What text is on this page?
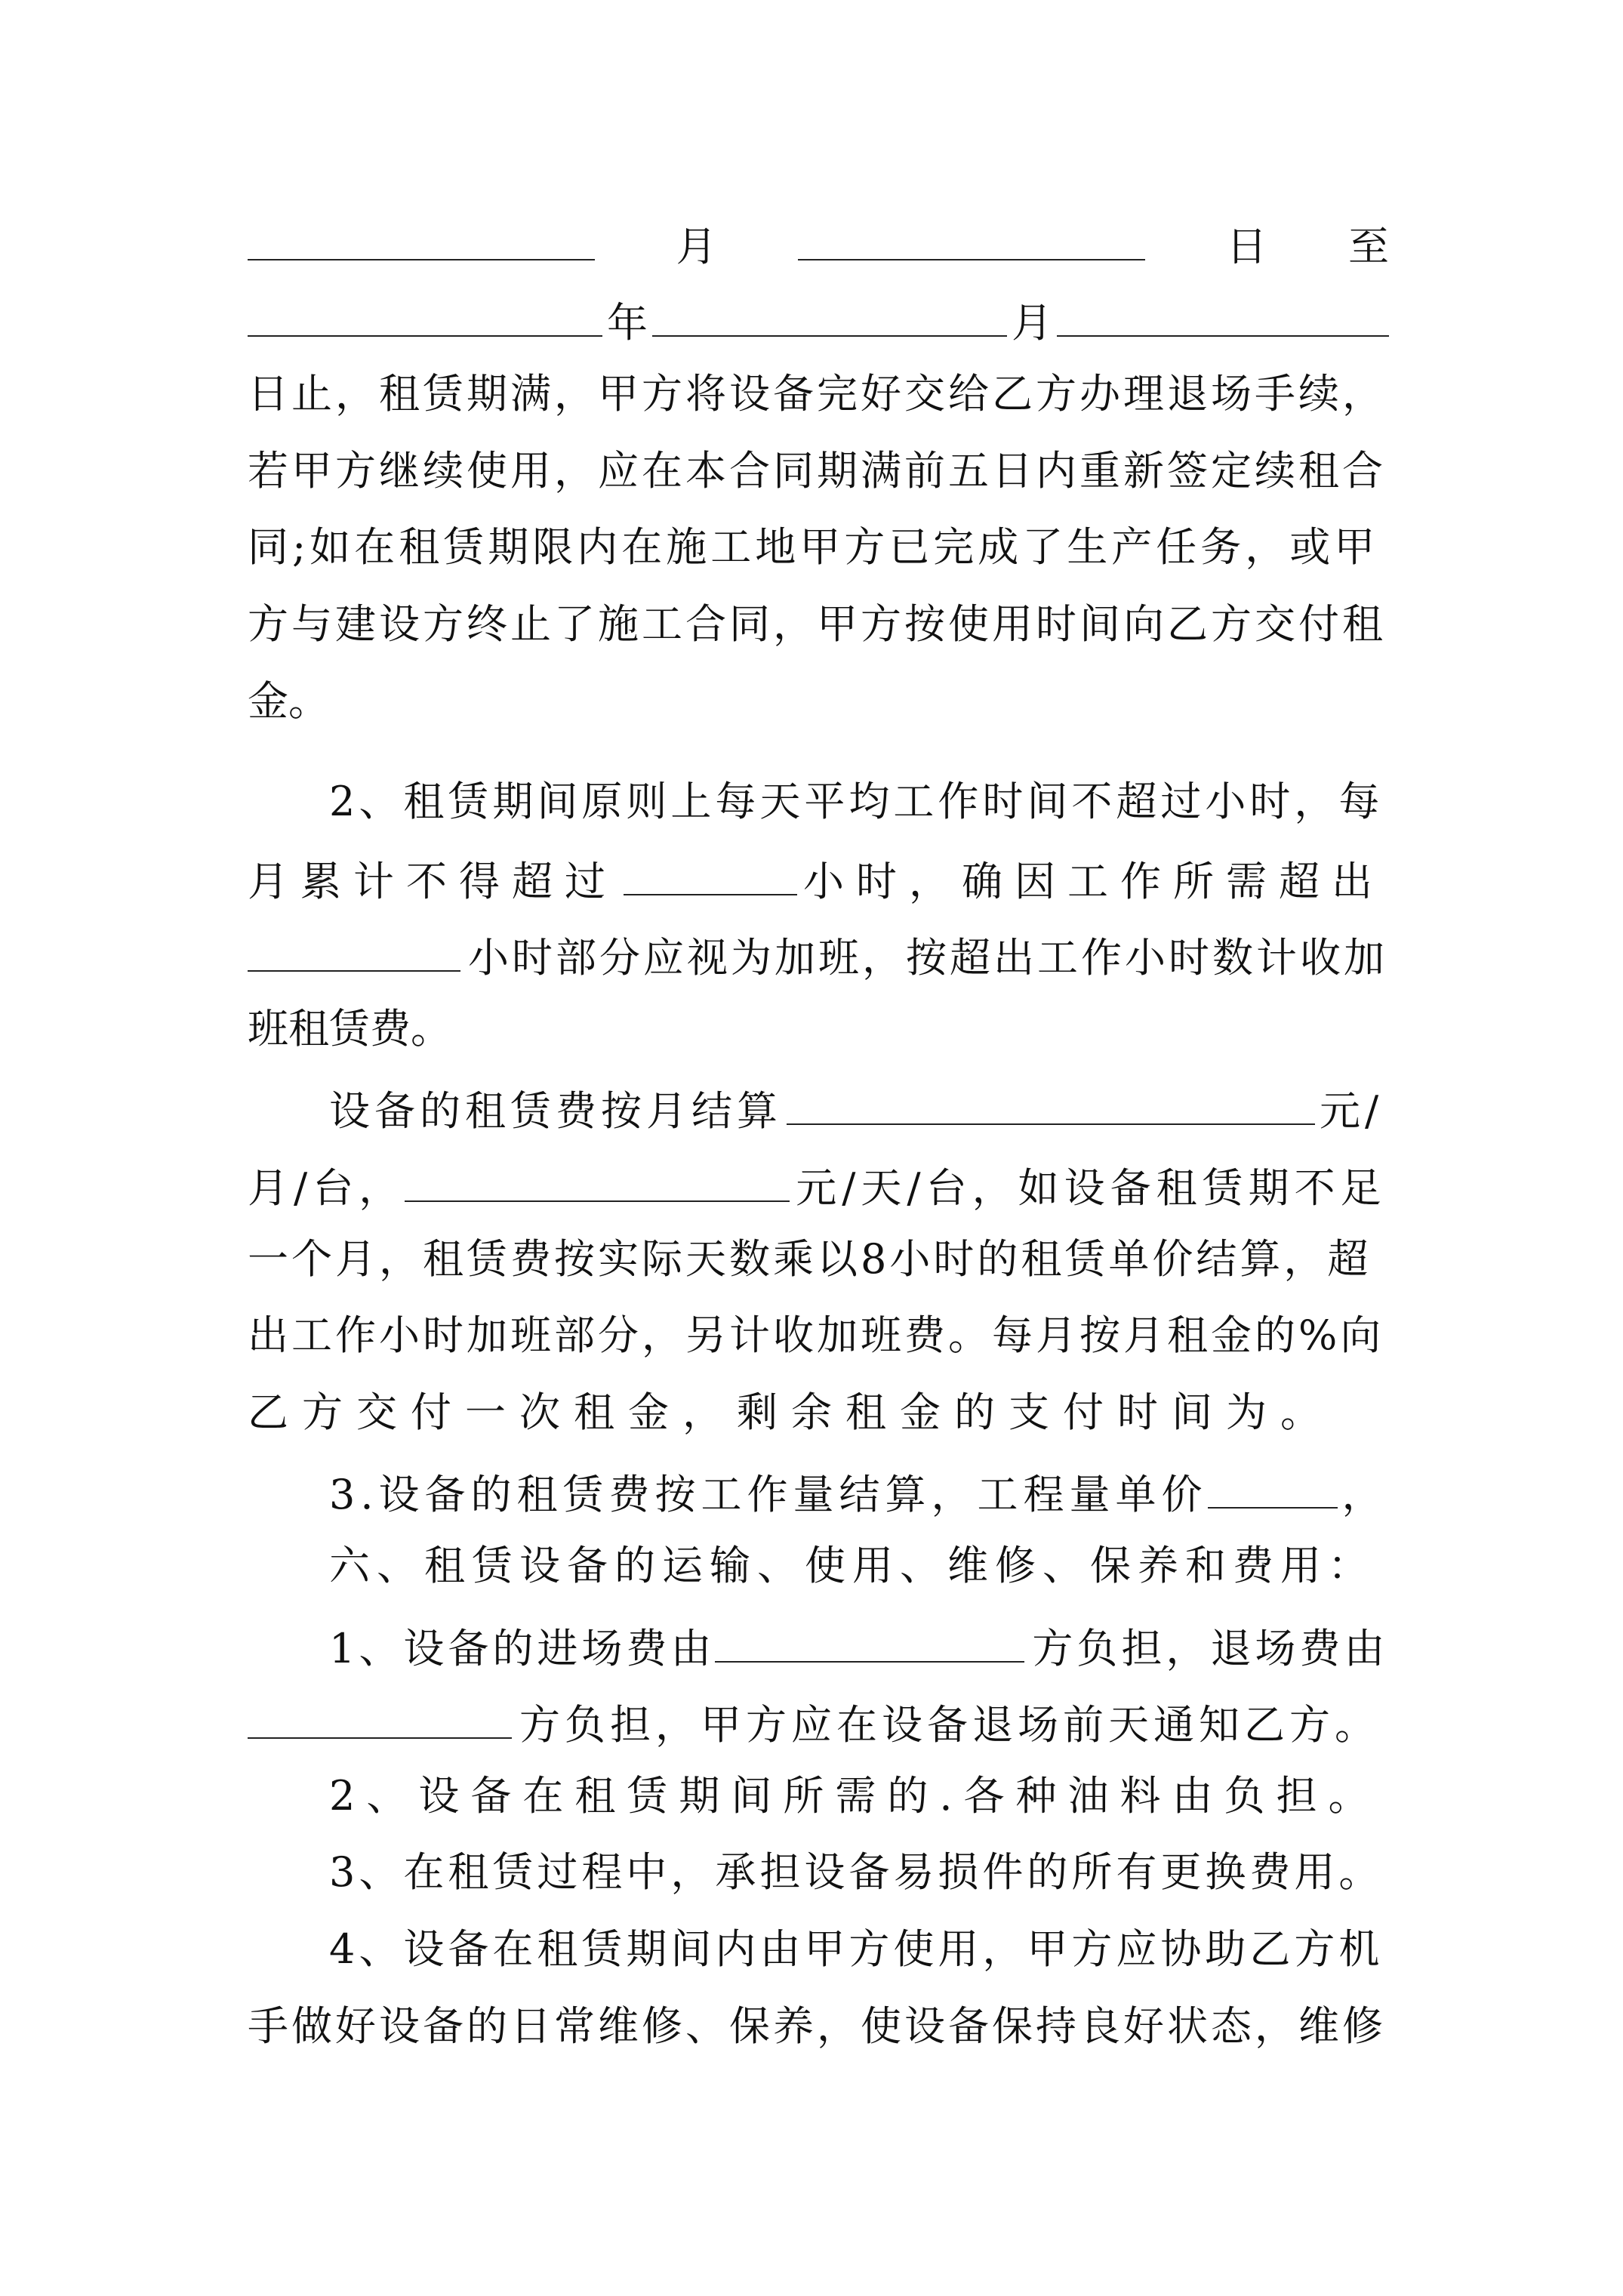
月	日 至
年	月
日止，租赁期满，甲方将设备完好交给乙方办理退场手续，
若甲方继续使用，应在本合同期满前五日内重新签定续租合
同;如在租赁期限内在施工地甲方已完成了生产任务，或甲
方与建设方终止了施工合同，甲方按使用时间向乙方交付租
金。
2、租赁期间原则上每天平均工作时间不超过小时，每
月累计不得超过	小时，确因工作所需超出
小时部分应视为加班，按超出工作小时数计收加
班租赁费。
设备的租赁费按月结算	元/
月/台，	元/天/台，如设备租赁期不足
一个月，租赁费按实际天数乘以8小时的租赁单价结算，超
出工作小时加班部分，另计收加班费。每月按月租金的%向
乙方交付一次租金，剩余租金的支付时间为。
3.设备的租赁费按工作量结算，工程量单价	，
六、租赁设备的运输、使用、维修、保养和费用：
1、设备的进场费由	方负担，退场费由
方负担，甲方应在设备退场前天通知乙方。
2、设备在租赁期间所需的.各种油料由负担。
3、在租赁过程中，承担设备易损件的所有更换费用。
4、设备在租赁期间内由甲方使用，甲方应协助乙方机
手做好设备的日常维修、保养，使设备保持良好状态，维修
